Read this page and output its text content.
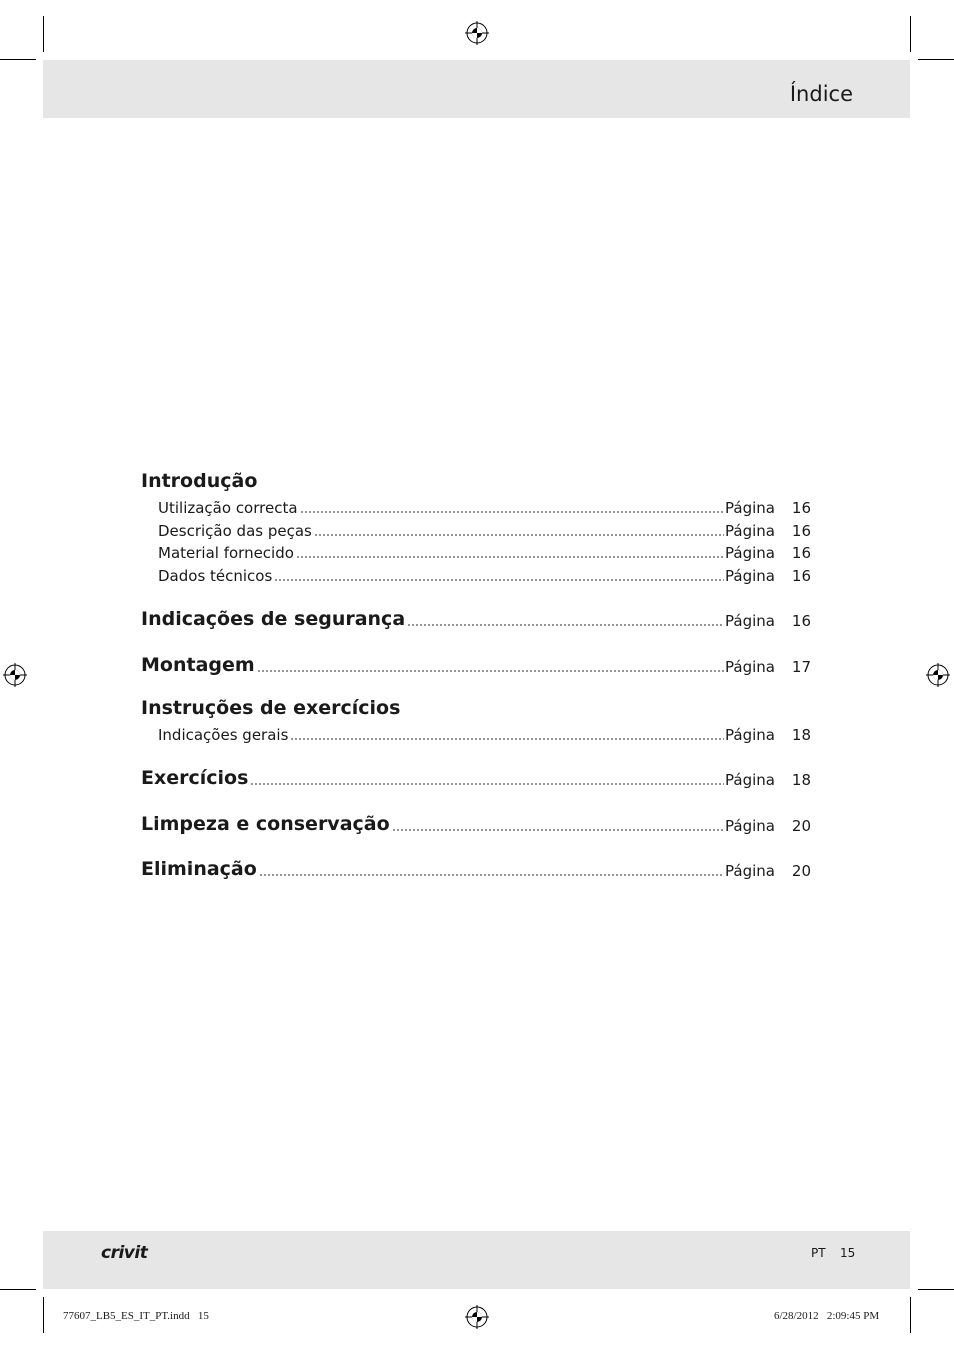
Índice
Introdução
Utilização correcta	Página	16
Descrição das peças	Página	16
Material fornecido	Página	16
Dados técnicos	Página	16
Indicações de segurança	Página	16
Montagem	Página	17
Instruções de exercícios
Indicações gerais	Página	18
Exercícios	Página	18
Limpeza e conservação	Página	20
Eliminação	Página	20
crivit	PT 15
77607_LB5_ES_IT_PT.indd   15	6/28/2012   2:09:45 PM
